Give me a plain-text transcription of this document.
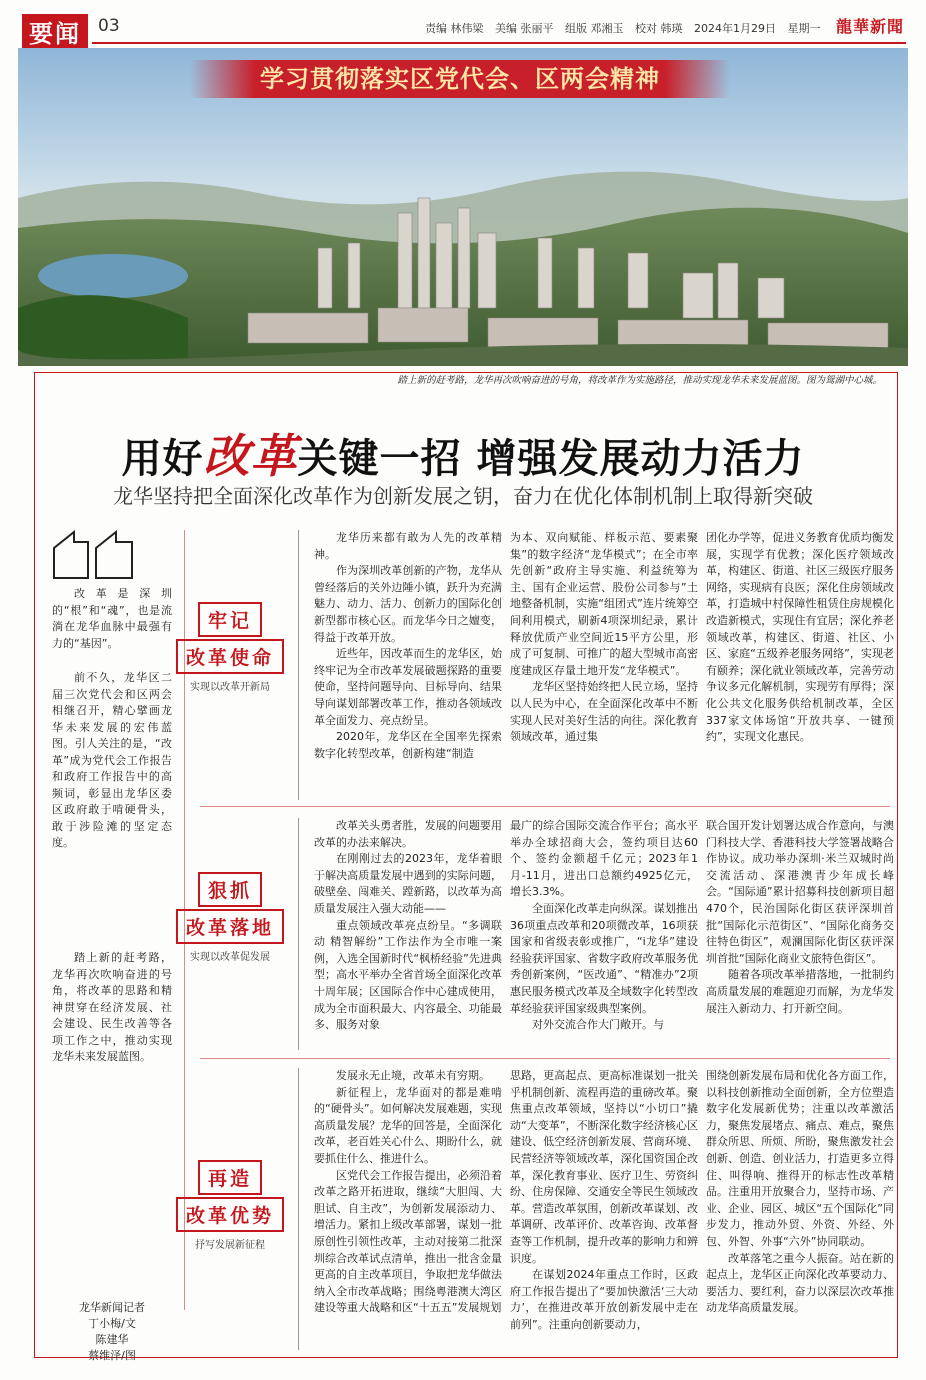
要闻	03	责编 林伟梁 美编 张丽平 组版 邓湘玉 校对 韩瑛 2024年1月29日 星期一 龍華新聞
学习贯彻落实区党代会、区两会精神
踏上新的赶考路，龙华再次吹响奋进的号角，将改革作为实施路径，推动实现龙华未来发展蓝图。图为鸳湖中心城。
用好改革关键一招 增强发展动力活力
龙华坚持把全面深化改革作为创新发展之钥，奋力在优化体制机制上取得新突破
改革是深圳的“根”和“魂”，也是流淌在龙华血脉中最强有力的“基因”。
前不久，龙华区二届三次党代会和区两会相继召开，精心擘画龙华未来发展的宏伟蓝图。引人关注的是，“改革”成为党代会工作报告和政府工作报告中的高频词，彰显出龙华区委区政府敢于啃硬骨头，敢于涉险滩的坚定态度。
踏上新的赶考路，龙华再次吹响奋进的号角，将改革的思路和精神贯穿在经济发展、社会建设、民生改善等各项工作之中，推动实现龙华未来发展蓝图。
龙华新闻记者
丁小梅/文
陈建华
蔡维泽/图
牢记
改革使命
实现以改革开新局

龙华历来都有敢为人先的改革精神。

作为深圳改革创新的产物，龙华从曾经落后的关外边陲小镇，跃升为充满魅力、动力、活力、创新力的国际化创新型都市核心区。而龙华今日之嬗变，得益于改革开放。

近些年，因改革而生的龙华区，始终牢记为全市改革发展破题探路的重要使命，坚持问题导向、目标导向、结果导向谋划部署改革工作，推动各领域改革全面发力、亮点纷呈。

2020年，龙华区在全国率先探索数字化转型改革，创新构建“制造

为本、双向赋能、样板示范、要素聚集”的数字经济“龙华模式”；在全市率先创新“政府主导实施、利益统筹为主、国有企业运营、股份公司参与”土地整备机制，实施“组团式”连片统筹空间利用模式，刷新4项深圳纪录，累计释放优质产业空间近15平方公里，形成了可复制、可推广的超大型城市高密度建成区存量土地开发“龙华模式”。

龙华区坚持始终把人民立场，坚持以人民为中心，在全面深化改革中不断实现人民对美好生活的向往。深化教育领域改革，通过集

团化办学等，促进义务教育优质均衡发展，实现学有优教；深化医疗领域改革，构建区、街道、社区三级医疗服务网络，实现病有良医；深化住房领域改革，打造城中村保障性租赁住房规模化改造新模式，实现住有宜居；深化养老领域改革，构建区、街道、社区、小区、家庭“五级养老服务网络”，实现老有颐养；深化就业领域改革，完善劳动争议多元化解机制，实现劳有厚得；深化公共文化服务供给机制改革，全区337家文体场馆“开放共享、一键预约”，实现文化惠民。

狠抓
改革落地
实现以改革促发展

改革关头勇者胜，发展的问题要用改革的办法来解决。

在刚刚过去的2023年，龙华着眼于解决高质量发展中遇到的实际问题，破壁垒、闯难关、蹚新路，以改革为高质量发展注入强大动能——

重点领域改革亮点纷呈。“多调联动 精智解纷”工作法作为全市唯一案例，入选全国新时代“枫桥经验”先进典型；高水平举办全省首场全面深化改革十周年展；区国际合作中心建成使用，成为全市面积最大、内容最全、功能最多、服务对象

最广的综合国际交流合作平台；高水平举办全球招商大会，签约项目达60个、签约金额超千亿元；2023年1月-11月，进出口总额约4925亿元，增长3.3%。

全面深化改革走向纵深。谋划推出36项重点改革和20项微改革，16项获国家和省级表彰或推广，“i龙华”建设经验获评国家、省数字政府改革服务优秀创新案例，“医改通”、“精准办”2项惠民服务模式改革及全域数字化转型改革经验获评国家级典型案例。

对外交流合作大门敞开。与

联合国开发计划署达成合作意向，与澳门科技大学、香港科技大学签署战略合作协议。成功举办深圳·米兰双城时尚交流活动、深港澳青少年成长峰会。“国际通”累计招募科技创新项目超470个，民治国际化街区获评深圳首批“国际化示范街区”、“国际化商务交往特色街区”，观澜国际化街区获评深圳首批“国际化商业文旅特色街区”。

随着各项改革举措落地，一批制约高质量发展的难题迎刃而解，为龙华发展注入新动力、打开新空间。

再造
改革优势
抒写发展新征程

发展永无止境，改革未有穷期。

新征程上，龙华面对的都是难啃的“硬骨头”。如何解决发展难题，实现高质量发展？龙华的回答是，全面深化改革，老百姓关心什么、期盼什么，就要抓住什么、推进什么。

区党代会工作报告提出，必须沿着改革之路开拓进取，继续“大胆闯、大胆试、自主改”，为创新发展添动力、增活力。紧扣上级改革部署，谋划一批原创性引领性改革，主动对接第二批深圳综合改革试点清单，推出一批含金量更高的自主改革项目，争取把龙华做法纳入全市改革战略；围绕粤港澳大湾区建设等重大战略和区“十五五”发展规划

思路，更高起点、更高标准谋划一批关乎机制创新、流程再造的重磅改革。聚焦重点改革领域，坚持以“小切口”撬动“大变革”，不断深化数字经济核心区建设、低空经济创新发展、营商环境、民营经济等领域改革，深化国资国企改革，深化教育事业、医疗卫生、劳资纠纷、住房保障、交通安全等民生领域改革。营造改革氛围，创新改革谋划、改革调研、改革评价、改革咨询、改革督查等工作机制，提升改革的影响力和辨识度。

在谋划2024年重点工作时，区政府工作报告提出了“要加快激活‘三大动力’，在推进改革开放创新发展中走在前列”。注重向创新要动力，

围绕创新发展布局和优化各方面工作，以科技创新推动全面创新，全方位塑造数字化发展新优势；注重以改革激活力，聚焦发展堵点、痛点、难点，聚焦群众所思、所烦、所盼，聚焦激发社会创新、创造、创业活力，打造更多立得住、叫得响、推得开的标志性改革精品。注重用开放聚合力，坚持市场、产业、企业、园区、城区“五个国际化”同步发力，推动外贸、外资、外经、外包、外智、外事“六外”协同联动。

改革落笔之重今人振奋。站在新的起点上，龙华区正向深化改革要动力、要活力、要红利，奋力以深层次改革推动龙华高质量发展。
